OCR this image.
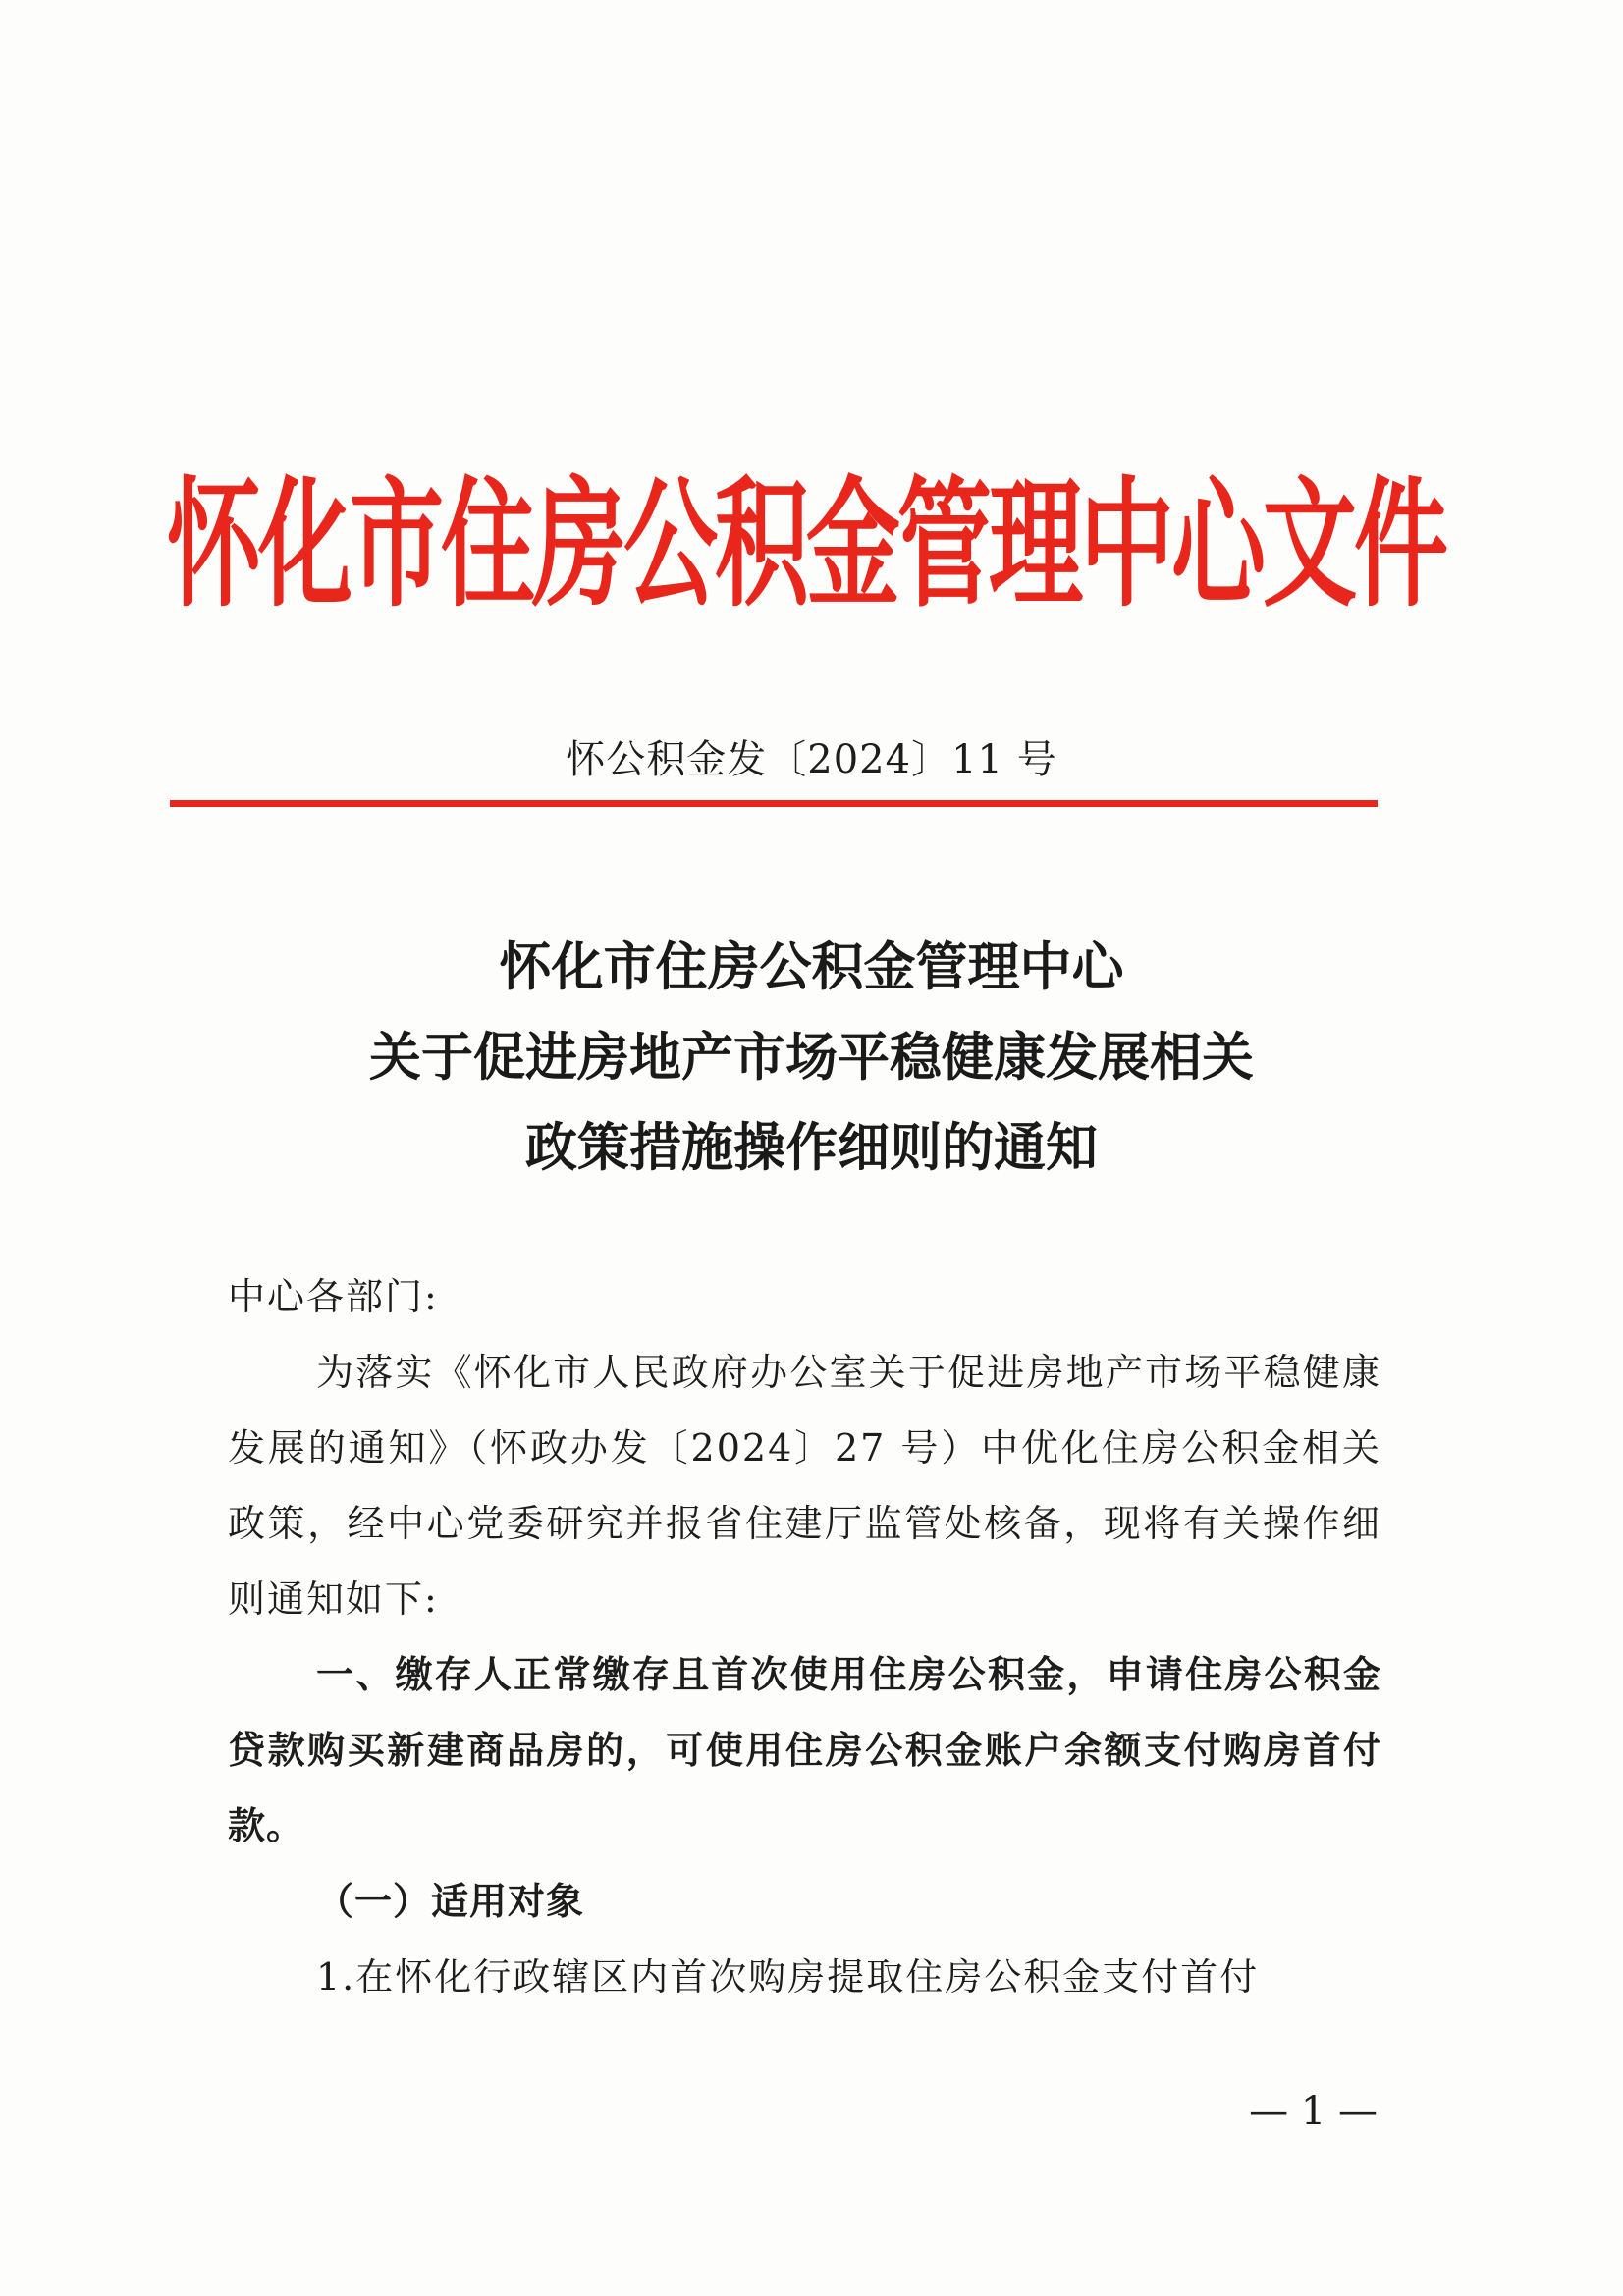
怀化市住房公积金管理中心文件
怀公积金发〔2024〕11 号
怀化市住房公积金管理中心
关于促进房地产市场平稳健康发展相关
政策措施操作细则的通知

中心各部门:

为落实《怀化市人民政府办公室关于促进房地产市场平稳健康发展的通知》（怀政办发〔2024〕27 号）中优化住房公积金相关政策，经中心党委研究并报省住建厅监管处核备，现将有关操作细则通知如下:

一、缴存人正常缴存且首次使用住房公积金，申请住房公积金贷款购买新建商品房的，可使用住房公积金账户余额支付购房首付款。

（一）适用对象

1.在怀化行政辖区内首次购房提取住房公积金支付首付

— 1 —
